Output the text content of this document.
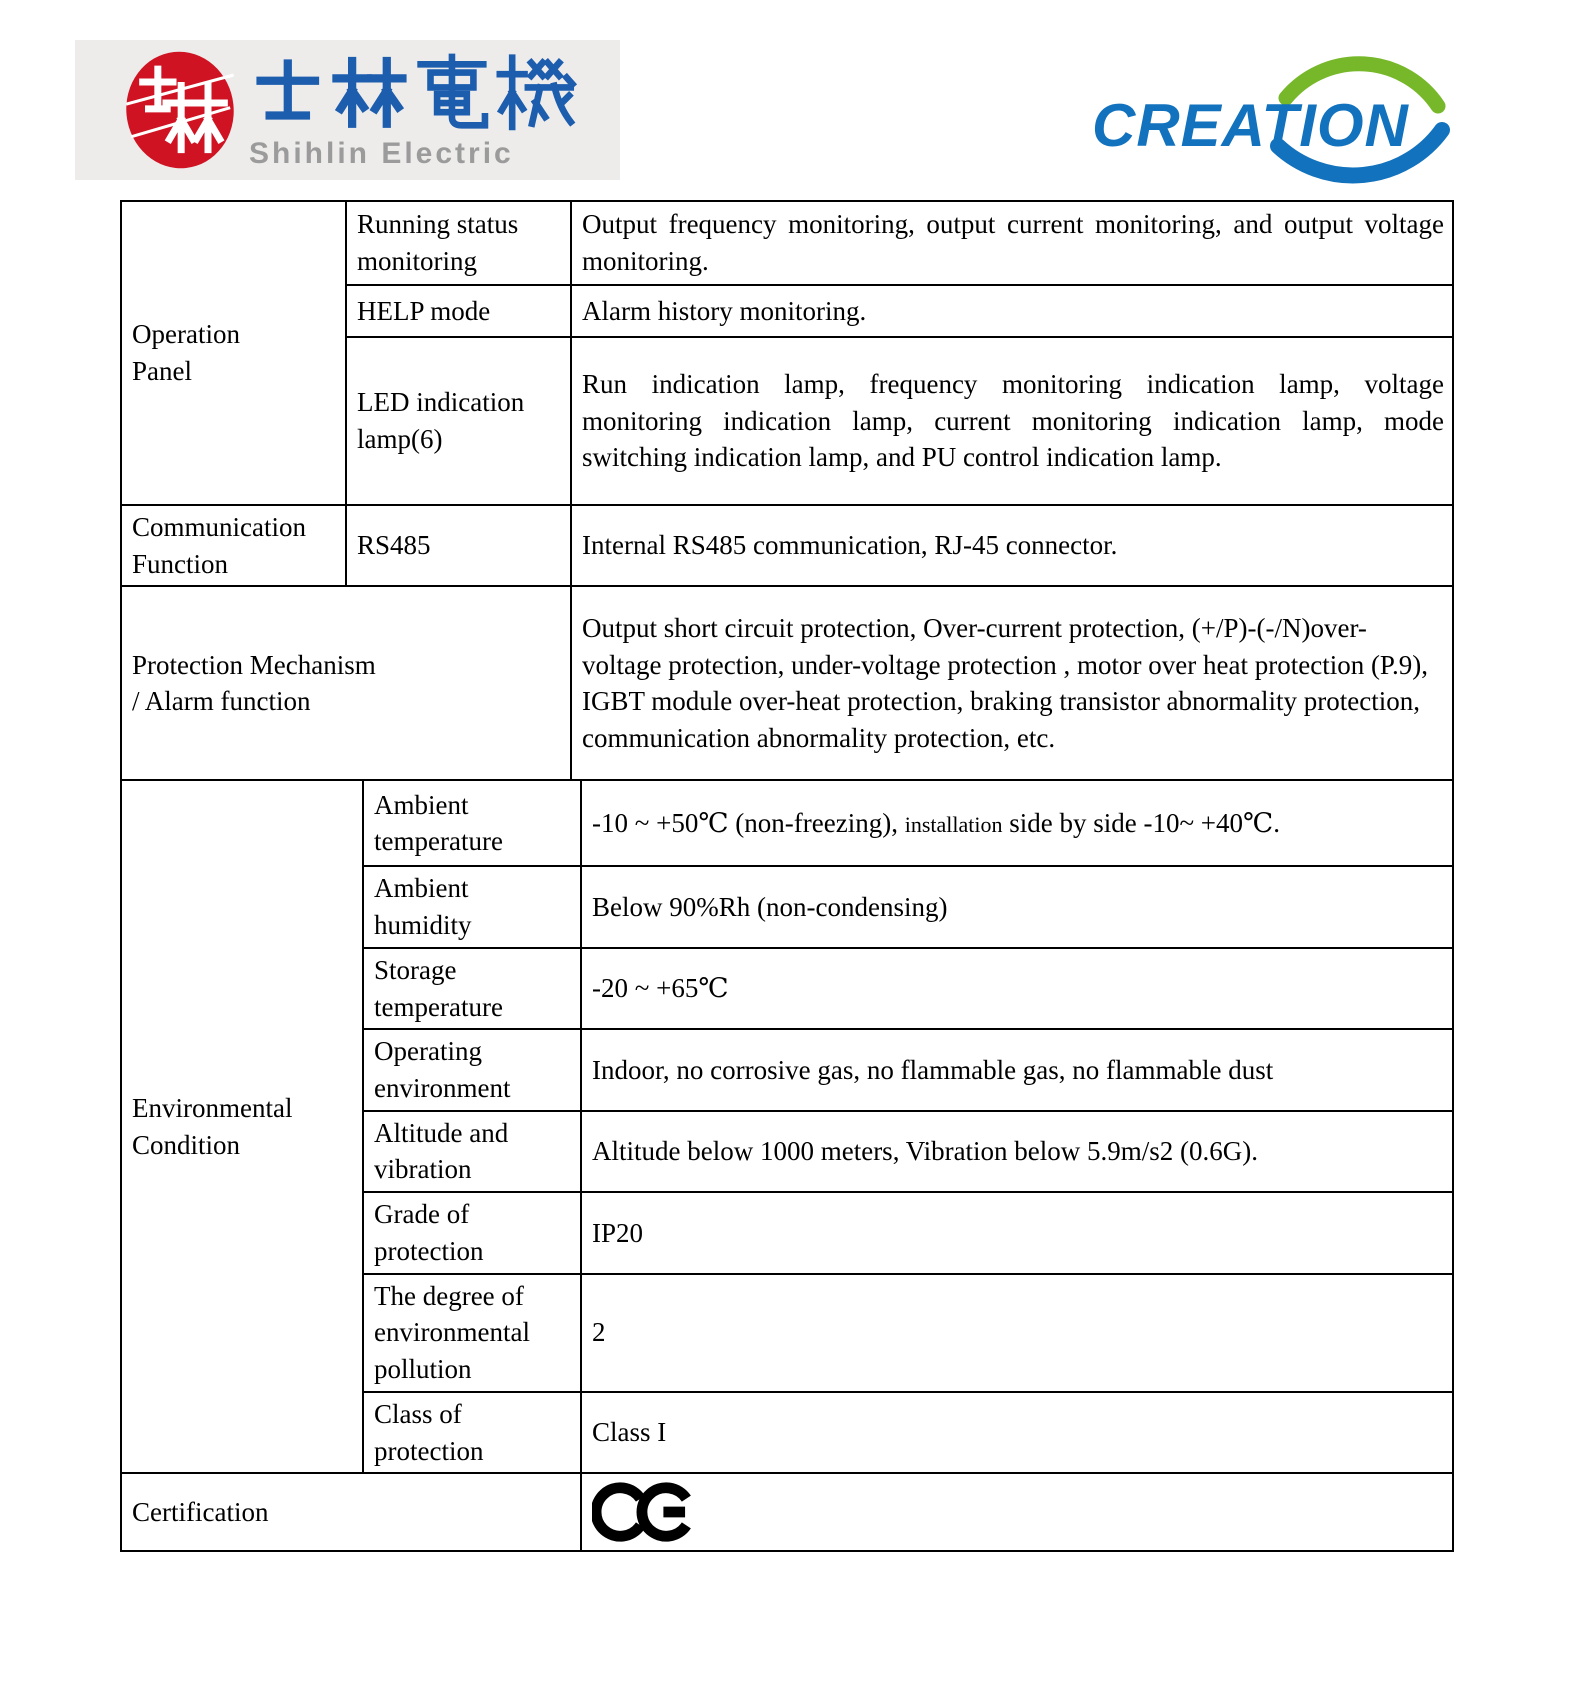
Shihlin Electric	CREATION
Operation Panel	Running status monitoring	Output frequency monitoring, output current monitoring, and output voltage monitoring.
	HELP mode	Alarm history monitoring.
	LED indication lamp(6)	Run indication lamp, frequency monitoring indication lamp, voltage monitoring indication lamp, current monitoring indication lamp, mode switching indication lamp, and PU control indication lamp.
Communication Function	RS485	Internal RS485 communication, RJ-45 connector.

Protection Mechanism
/ Alarm function		Output short circuit protection, Over-current protection, (+/P)-(-/N)over-voltage protection, under-voltage protection , motor over heat protection (P.9), IGBT module over-heat protection, braking transistor abnormality protection, communication abnormality protection, etc.
Environmental Condition	Ambient temperature	-10 ~ +50℃ (non-freezing), installation side by side -10~ +40℃.
	Ambient humidity	Below 90%Rh (non-condensing)
	Storage temperature	-20 ~ +65℃
	Operating environment	Indoor, no corrosive gas, no flammable gas, no flammable dust
	Altitude and vibration	Altitude below 1000 meters, Vibration below 5.9m/s2 (0.6G).
	Grade of protection	IP20
	The degree of environmental pollution	2
	Class of protection	Class I
Certification	
